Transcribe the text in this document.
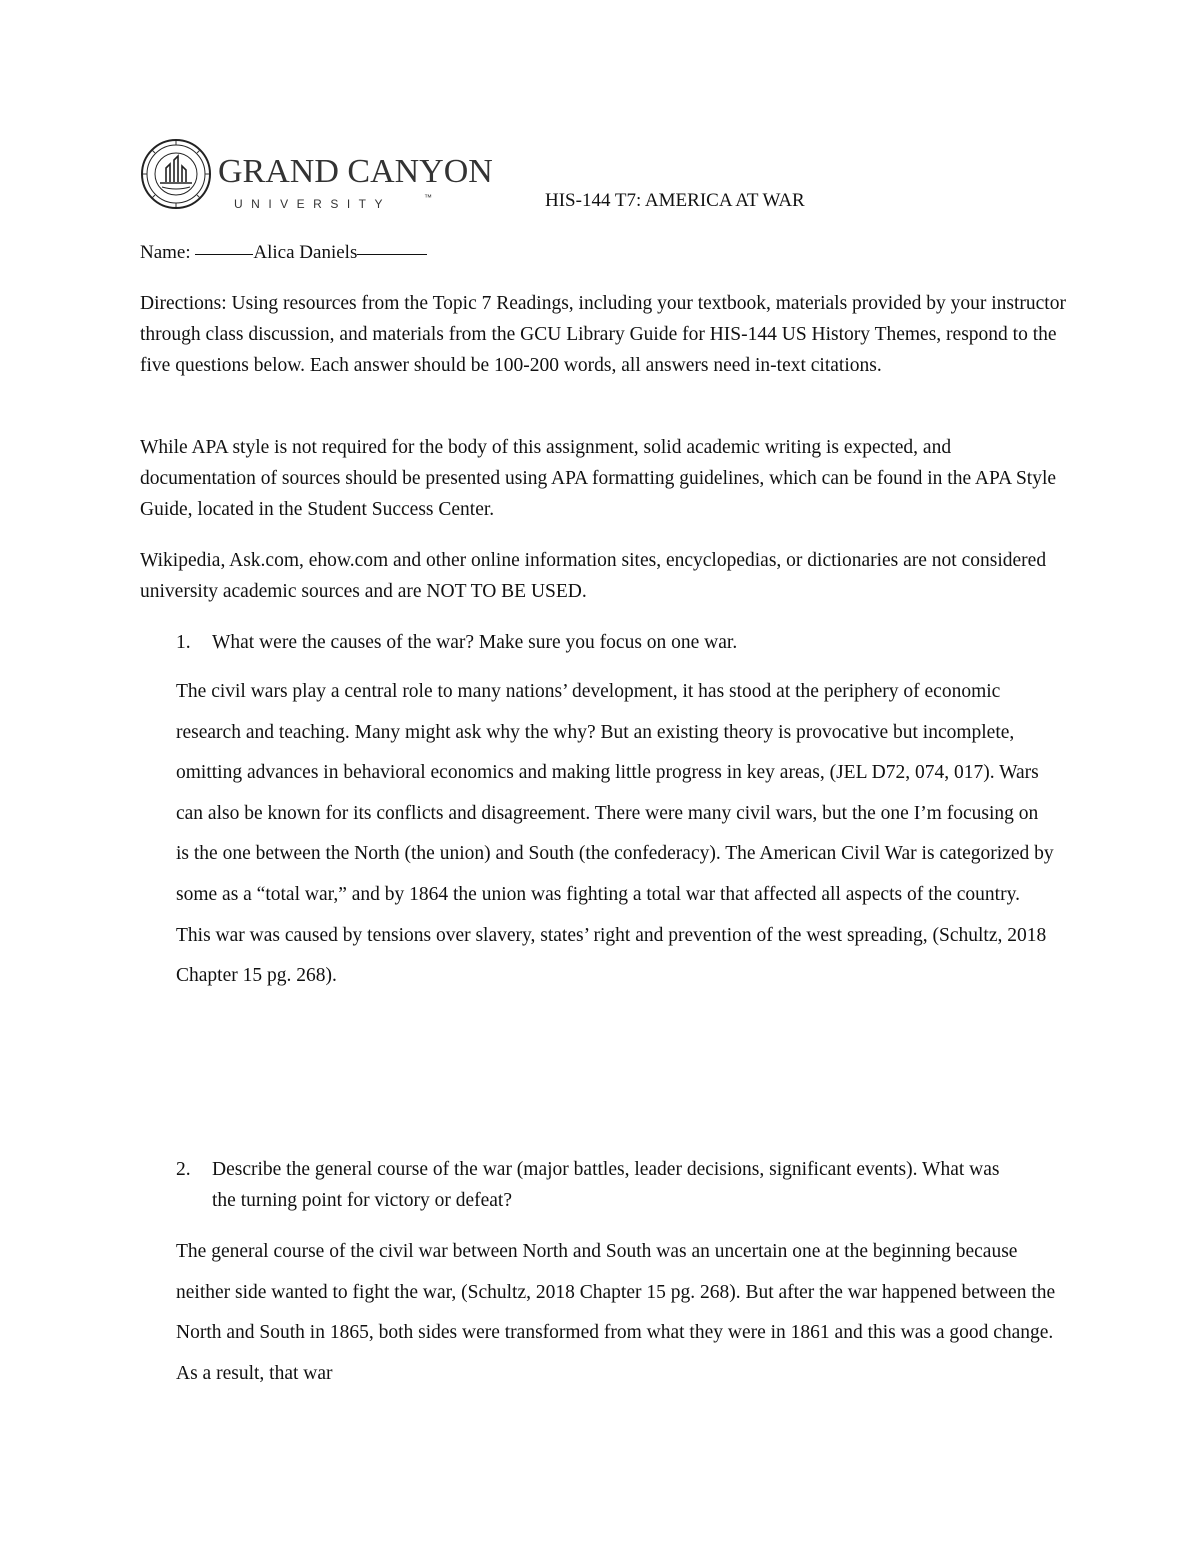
GRAND CANYON
UNIVERSITY	™	HIS-144 T7: AMERICA AT WAR
Name:	Alica Daniels

Directions: Using resources from the Topic 7 Readings, including your textbook, materials provided by your instructor through class discussion, and materials from the GCU Library Guide for HIS-144 US History Themes, respond to the five questions below. Each answer should be 100-200 words, all answers need in-text citations.

While APA style is not required for the body of this assignment, solid academic writing is expected, and documentation of sources should be presented using APA formatting guidelines, which can be found in the APA Style Guide, located in the Student Success Center.

Wikipedia, Ask.com, ehow.com and other online information sites, encyclopedias, or dictionaries are not considered university academic sources and are NOT TO BE USED.

1. What were the causes of the war? Make sure you focus on one war.

The civil wars play a central role to many nations’ development, it has stood at the periphery of economic research and teaching. Many might ask why the why? But an existing theory is provocative but incomplete, omitting advances in behavioral economics and making little progress in key areas, (JEL D72, 074, 017). Wars can also be known for its conflicts and disagreement. There were many civil wars, but the one I’m focusing on is the one between the North (the union) and South (the confederacy). The American Civil War is categorized by some as a “total war,” and by 1864 the union was fighting a total war that affected all aspects of the country. This war was caused by tensions over slavery, states’ right and prevention of the west spreading, (Schultz, 2018 Chapter 15 pg. 268).

2. Describe the general course of the war (major battles, leader decisions, significant events). What was the turning point for victory or defeat?

The general course of the civil war between North and South was an uncertain one at the beginning because neither side wanted to fight the war, (Schultz, 2018 Chapter 15 pg. 268). But after the war happened between the North and South in 1865, both sides were transformed from what they were in 1861 and this was a good change. As a result, that war
